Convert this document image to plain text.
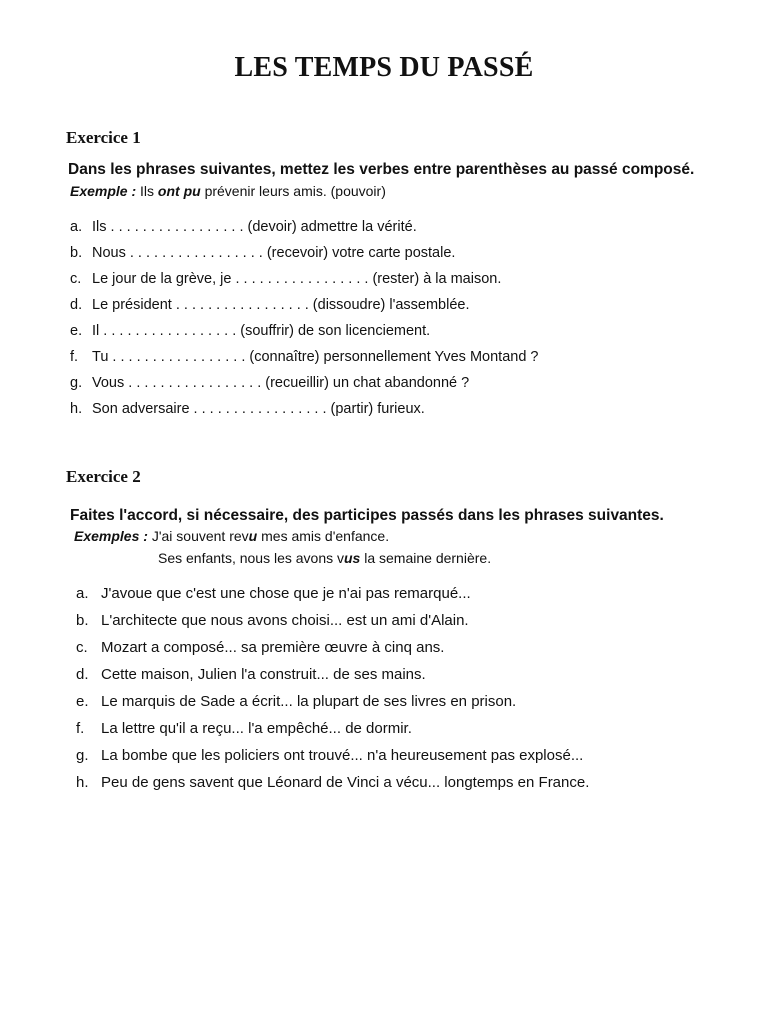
LES TEMPS DU PASSÉ
Exercice 1
Dans les phrases suivantes, mettez les verbes entre parenthèses au passé composé.
Exemple : Ils ont pu prévenir leurs amis. (pouvoir)
a. Ils . . . . . . . . . . . . . . . . . (devoir) admettre la vérité.
b. Nous . . . . . . . . . . . . . . . . . (recevoir) votre carte postale.
c. Le jour de la grève, je . . . . . . . . . . . . . . . . . (rester) à la maison.
d. Le président . . . . . . . . . . . . . . . . . (dissoudre) l'assemblée.
e. Il . . . . . . . . . . . . . . . . . (souffrir) de son licenciement.
f. Tu . . . . . . . . . . . . . . . . . (connaître) personnellement Yves Montand ?
g. Vous . . . . . . . . . . . . . . . . . (recueillir) un chat abandonné ?
h. Son adversaire . . . . . . . . . . . . . . . . . (partir) furieux.
Exercice 2
Faites l'accord, si nécessaire, des participes passés dans les phrases suivantes.
Exemples : J'ai souvent revu mes amis d'enfance.
Ses enfants, nous les avons vus la semaine dernière.
a. J'avoue que c'est une chose que je n'ai pas remarqué...
b. L'architecte que nous avons choisi... est un ami d'Alain.
c. Mozart a composé... sa première œuvre à cinq ans.
d. Cette maison, Julien l'a construit... de ses mains.
e. Le marquis de Sade a écrit... la plupart de ses livres en prison.
f. La lettre qu'il a reçu... l'a empêché... de dormir.
g. La bombe que les policiers ont trouvé... n'a heureusement pas explosé...
h. Peu de gens savent que Léonard de Vinci a vécu... longtemps en France.
